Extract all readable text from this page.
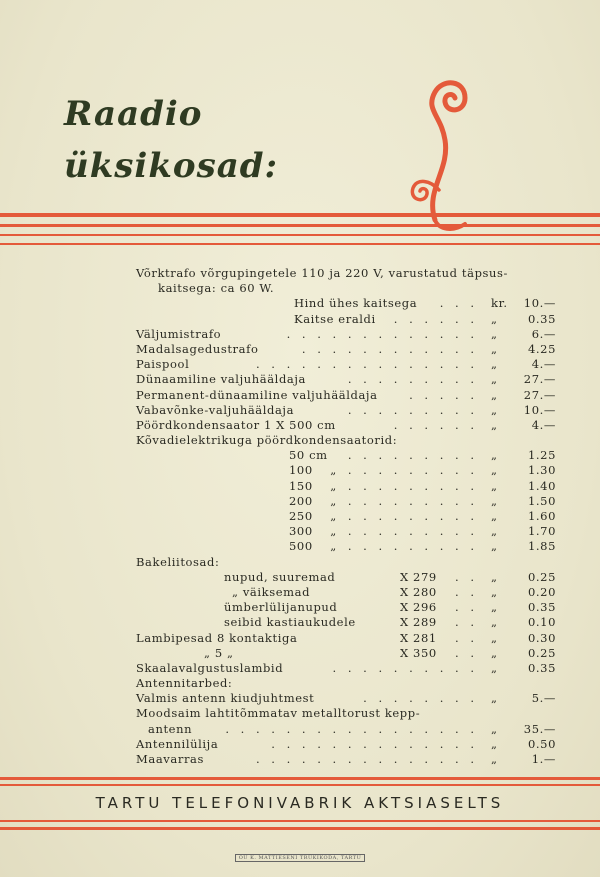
Raadio
üksikosad:
Võrktrafo võrgupingetele 110 ja 220 V, varustatud täpsus-
kaitsega: ca 60 W.
Hind ühes kaitsega . . . kr.	10.—
Kaitse eraldi . . . . . . „	0.35
Väljumistrafo	. . . . . . . . . . . . . „	6.—
Madalsagedustrafo	. . . . . . . . . . . . „	4.25
Paispool	. . . . . . . . . . . . . . . „	4.—
Dünaamiline valjuhääldaja	. . . . . . . . . „	27.—
Permanent-dünaamiline valjuhääldaja	. . . . . „	27.—
Vabavõnke-valjuhääldaja	. . . . . . . . . „	10.—
Pöördkondensaator 1 X 500 cm	. . . . . . „	4.—
Kõvadielektrikuga pöördkondensaatorid:
50 cm . . . . . . . . . „	1.25
100 „ . . . . . . . . . „	1.30
150 „ . . . . . . . . . „	1.40
200 „ . . . . . . . . . „	1.50
250 „ . . . . . . . . . „	1.60
300 „ . . . . . . . . . „	1.70
500 „ . . . . . . . . . „	1.85
Bakeliitosad:
nupud, suuremad	X 279 . . „	0.25
„ väiksemad	X 280 . . „	0.20
ümberlülijanupud	X 296 . . „	0.35
seibid kastiaukudele	X 289 . . „	0.10
Lambipesad 8 kontaktiga	X 281 . . „	0.30
„ 5 „	X 350 . . „	0.25
Skaalavalgustuslambid	. . . . . . . . . . „	0.35
Antennitarbed:
Valmis antenn kiudjuhtmest	. . . . . . . . „	5.—
Moodsaim lahtitõmmatav metalltorust kepp-
antenn	. . . . . . . . . . . . . . . . . „	35.—
Antennilülija	. . . . . . . . . . . . . . „	0.50
Maavarras	. . . . . . . . . . . . . . . „	1.—
TARTU TELEFONIVABRIK AKTSIASELTS
OÜ K. MATTIESENI TRÜKIKODA, TARTU
